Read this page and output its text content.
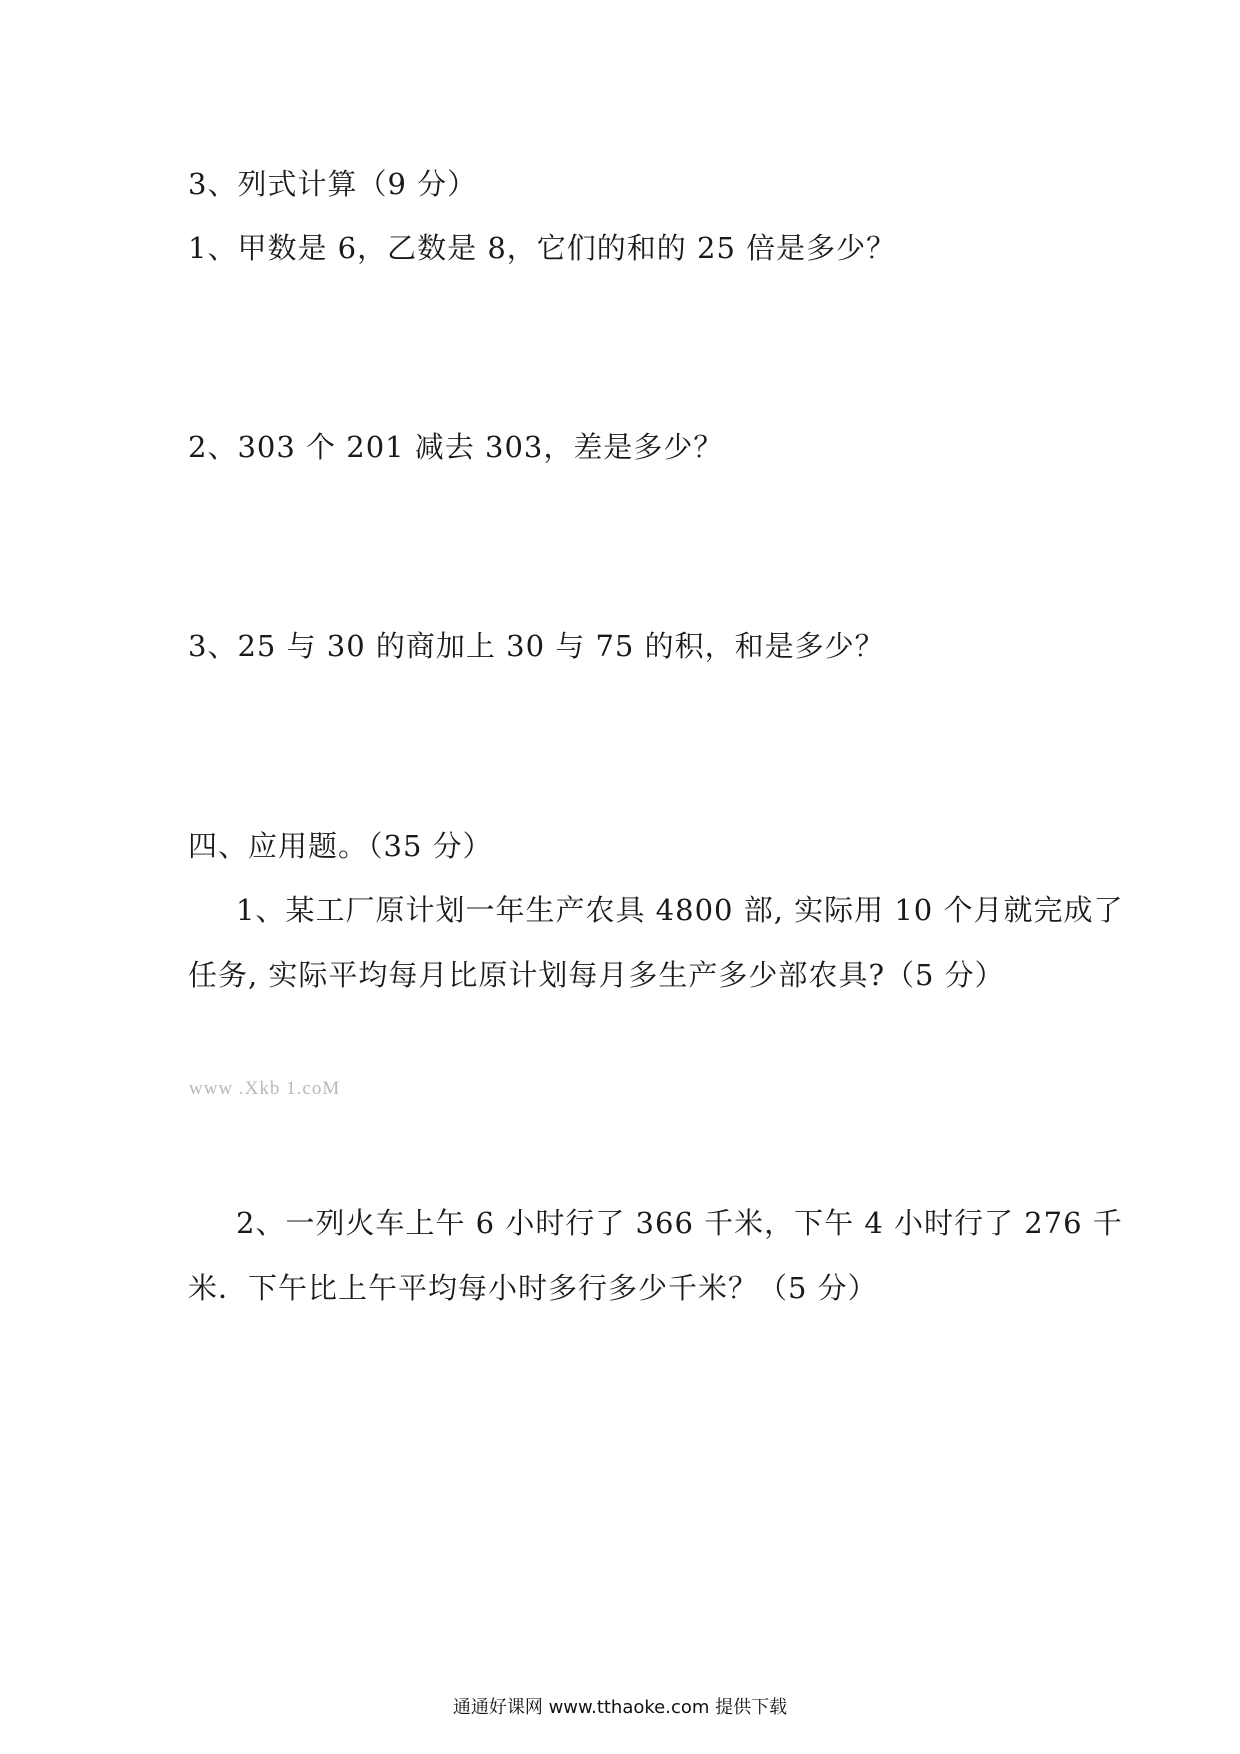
3、列式计算（9 分）
1、甲数是 6，乙数是 8，它们的和的 25 倍是多少？
2、303 个 201 减去 303，差是多少？
3、25 与 30 的商加上 30 与 75 的积，和是多少？
四、应用题。（35 分）
1、某工厂原计划一年生产农具 4800 部, 实际用 10 个月就完成了
任务, 实际平均每月比原计划每月多生产多少部农具?（5 分）
www .Xkb 1.coM
2、一列火车上午 6 小时行了 366 千米，下午 4 小时行了 276 千
米．下午比上午平均每小时多行多少千米？（5 分）
通通好课网 www.tthaoke.com 提供下载
